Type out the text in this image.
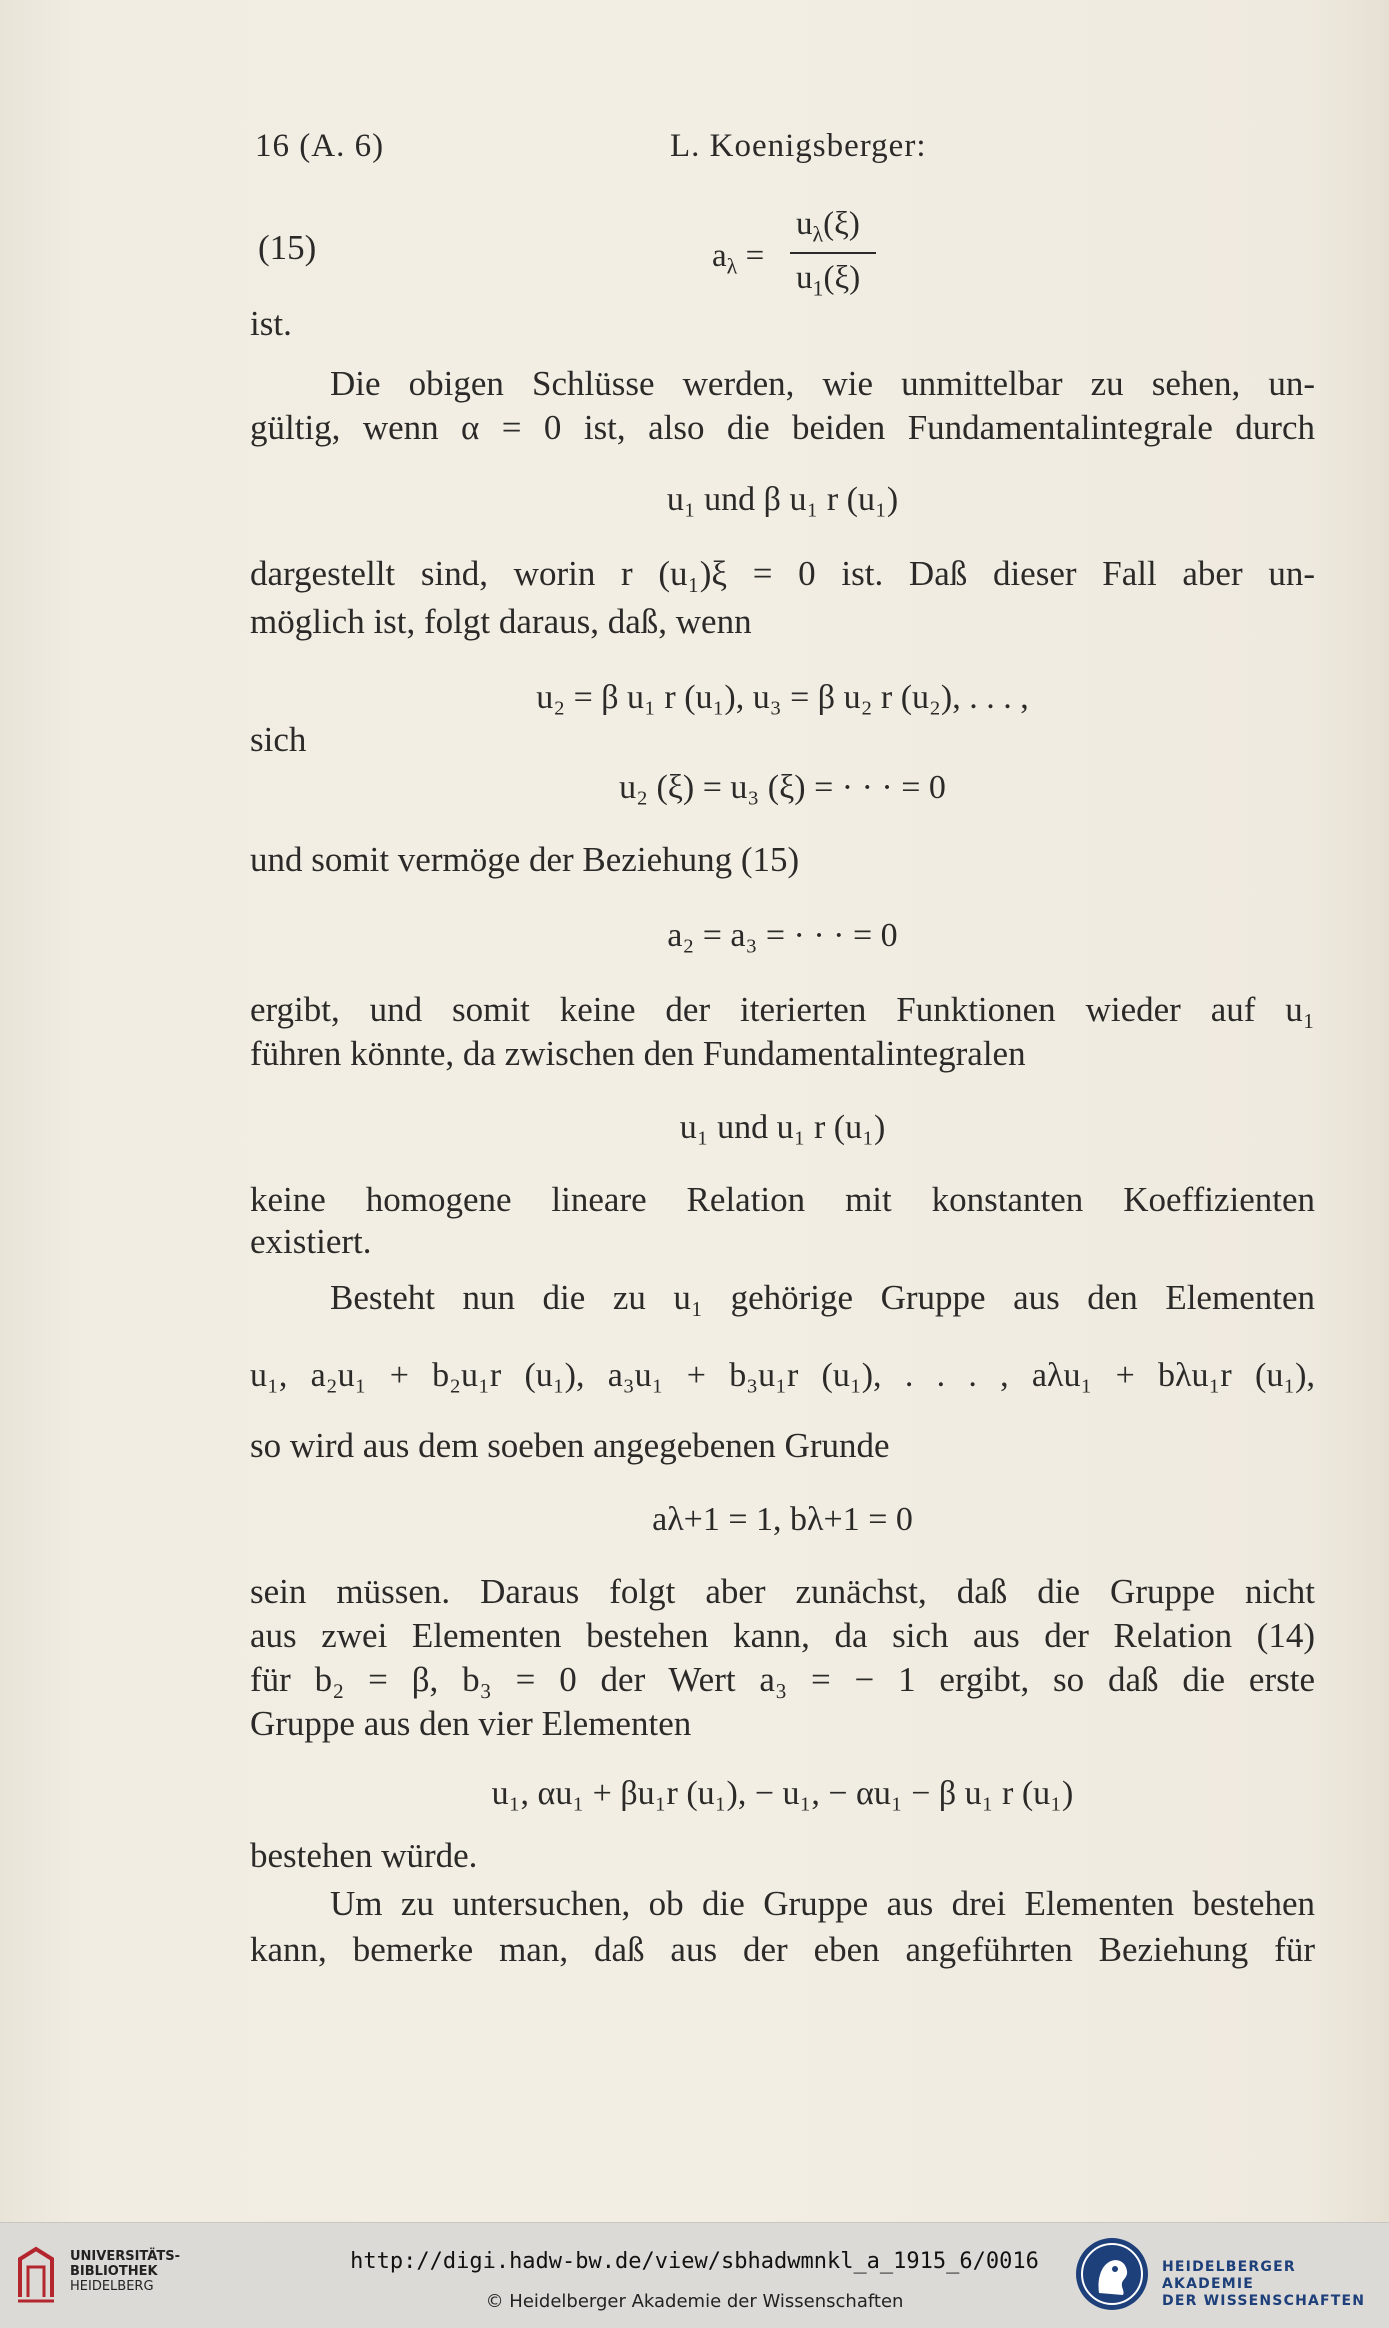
16 (A. 6)	L. Koenigsberger:
(15)	$a_\lambda$ =
$u_\lambda(\xi)$
$u_1(\xi)$
ist.
Die obigen Schlüsse werden, wie unmittelbar zu sehen, un-
gültig, wenn α = 0 ist, also die beiden Fundamentalintegrale durch
u₁ und β u₁ r (u₁)
dargestellt sind, worin r (u₁)ξ = 0 ist. Daß dieser Fall aber un-
möglich ist, folgt daraus, daß, wenn
u₂ = β u₁ r (u₁), u₃ = β u₂ r (u₂), . . . ,
sich
u₂ (ξ) = u₃ (ξ) = · · · = 0
und somit vermöge der Beziehung (15)
a₂ = a₃ = · · · = 0
ergibt, und somit keine der iterierten Funktionen wieder auf u₁
führen könnte, da zwischen den Fundamentalintegralen
u₁ und u₁ r (u₁)
keine homogene lineare Relation mit konstanten Koeffizienten
existiert.
Besteht nun die zu u₁ gehörige Gruppe aus den Elementen
u₁, a₂u₁ + b₂u₁r (u₁), a₃u₁ + b₃u₁r (u₁), . . . , aλu₁ + bλu₁r (u₁),
so wird aus dem soeben angegebenen Grunde
aλ+1 = 1, bλ+1 = 0
sein müssen. Daraus folgt aber zunächst, daß die Gruppe nicht
aus zwei Elementen bestehen kann, da sich aus der Relation (14)
für b₂ = β, b₃ = 0 der Wert a₃ = − 1 ergibt, so daß die erste
Gruppe aus den vier Elementen
u₁, αu₁ + βu₁r (u₁), − u₁, − αu₁ − β u₁ r (u₁)
bestehen würde.
Um zu untersuchen, ob die Gruppe aus drei Elementen bestehen
kann, bemerke man, daß aus der eben angeführten Beziehung für
UNIVERSITÄTS-
BIBLIOTHEK
HEIDELBERG
http://digi.hadw-bw.de/view/sbhadwmnkl_a_1915_6/0016
© Heidelberger Akademie der Wissenschaften
HEIDELBERGER AKADEMIE
DER WISSENSCHAFTEN
